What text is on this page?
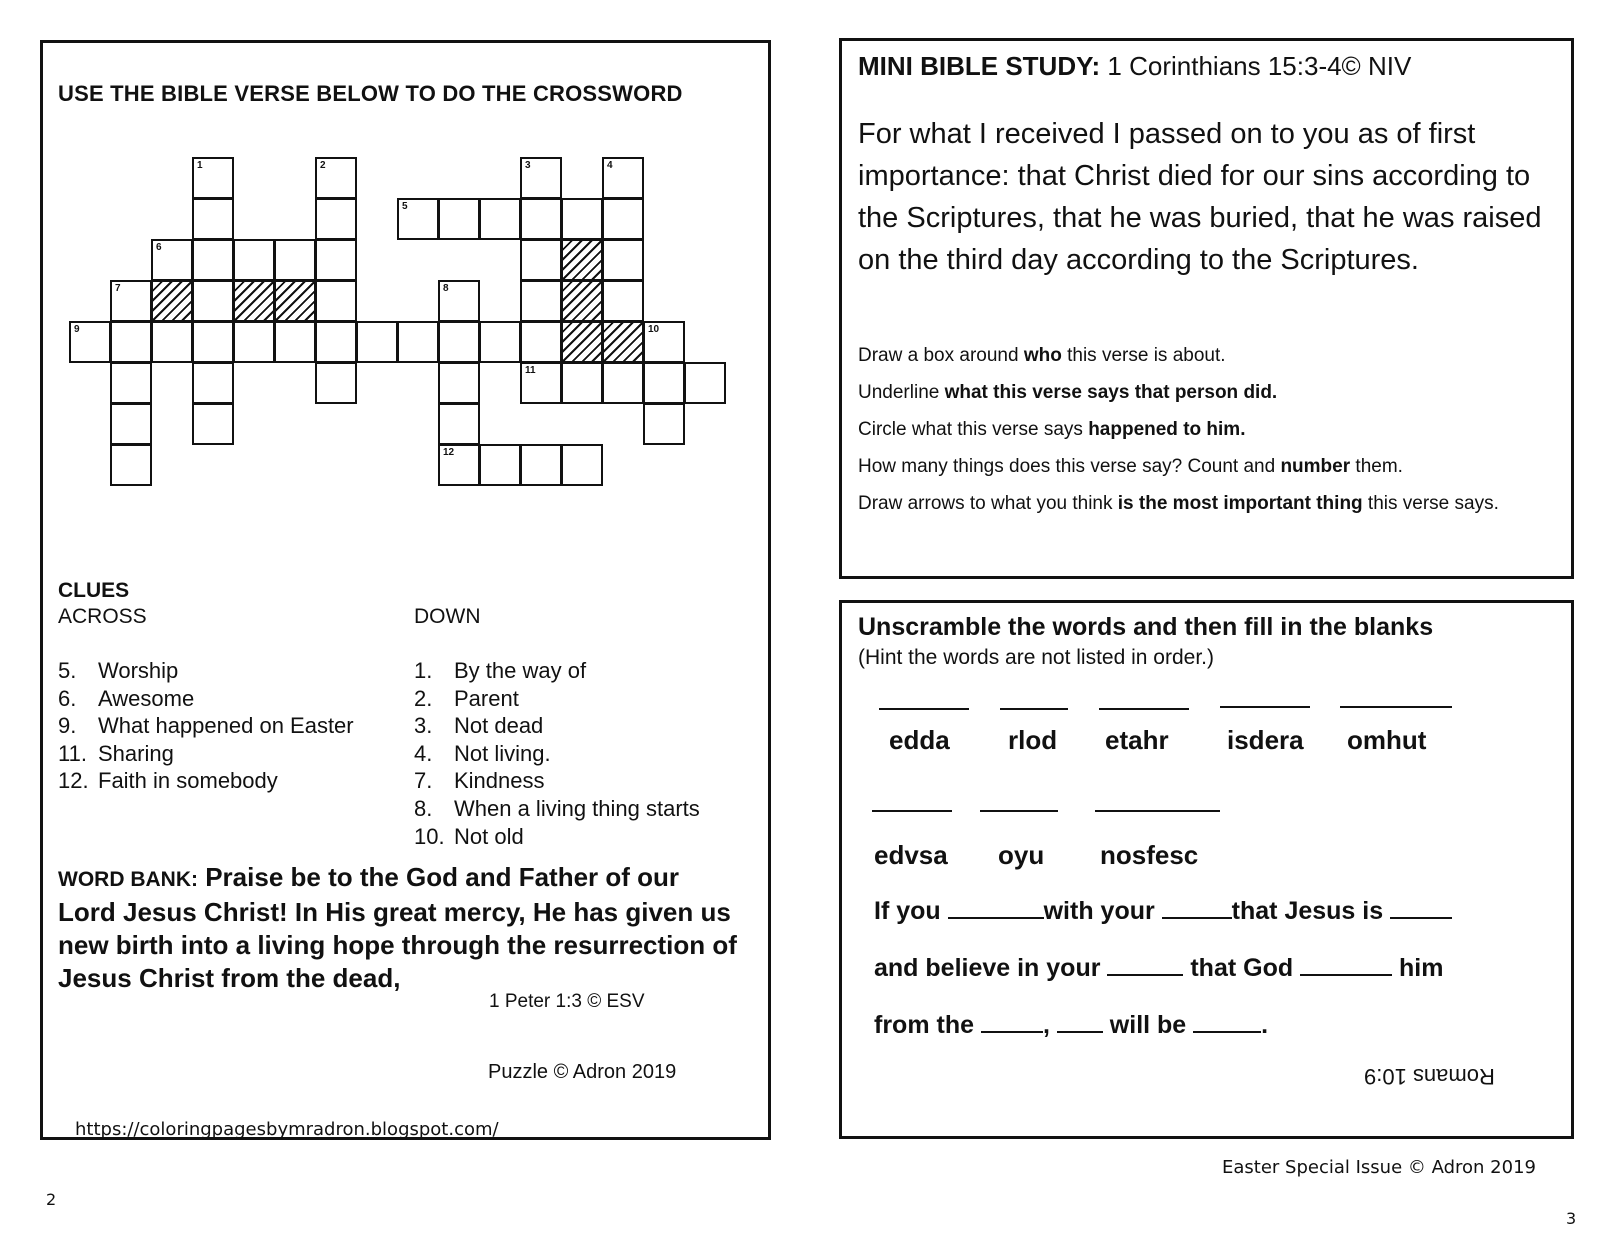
USE THE BIBLE VERSE BELOW TO DO THE CROSSWORD
1	2	3	4
5
6
7	8
9	10
11
12
CLUES
ACROSS	DOWN
5. Worship
6. Awesome
9. What happened on Easter
11. Sharing
12. Faith in somebody
1. By the way of
2. Parent
3. Not dead
4. Not living.
7. Kindness
8. When a living thing starts
10. Not old
WORD BANK: Praise be to the God and Father of our Lord Jesus Christ! In His great mercy, He has given us new birth into a living hope through the resurrection of Jesus Christ from the dead,
1 Peter 1:3 © ESV
Puzzle © Adron 2019
https://coloringpagesbymradron.blogspot.com/
2
3
Easter Special Issue © Adron 2019
MINI BIBLE STUDY: 1 Corinthians 15:3-4© NIV
For what I received I passed on to you as of first importance: that Christ died for our sins according to the Scriptures, that he was buried, that he was raised on the third day according to the Scriptures.
Draw a box around who this verse is about.
Underline what this verse says that person did.
Circle what this verse says happened to him.
How many things does this verse say? Count and number them.
Draw arrows to what you think is the most important thing this verse says.
Unscramble the words and then fill in the blanks
(Hint the words are not listed in order.)
edda rlod etahr isdera omhut
edvsa oyu nosfesc
If you	with your	that Jesus is
and believe in your	that God	him
from the ,  will be	.
Romans 10:9
